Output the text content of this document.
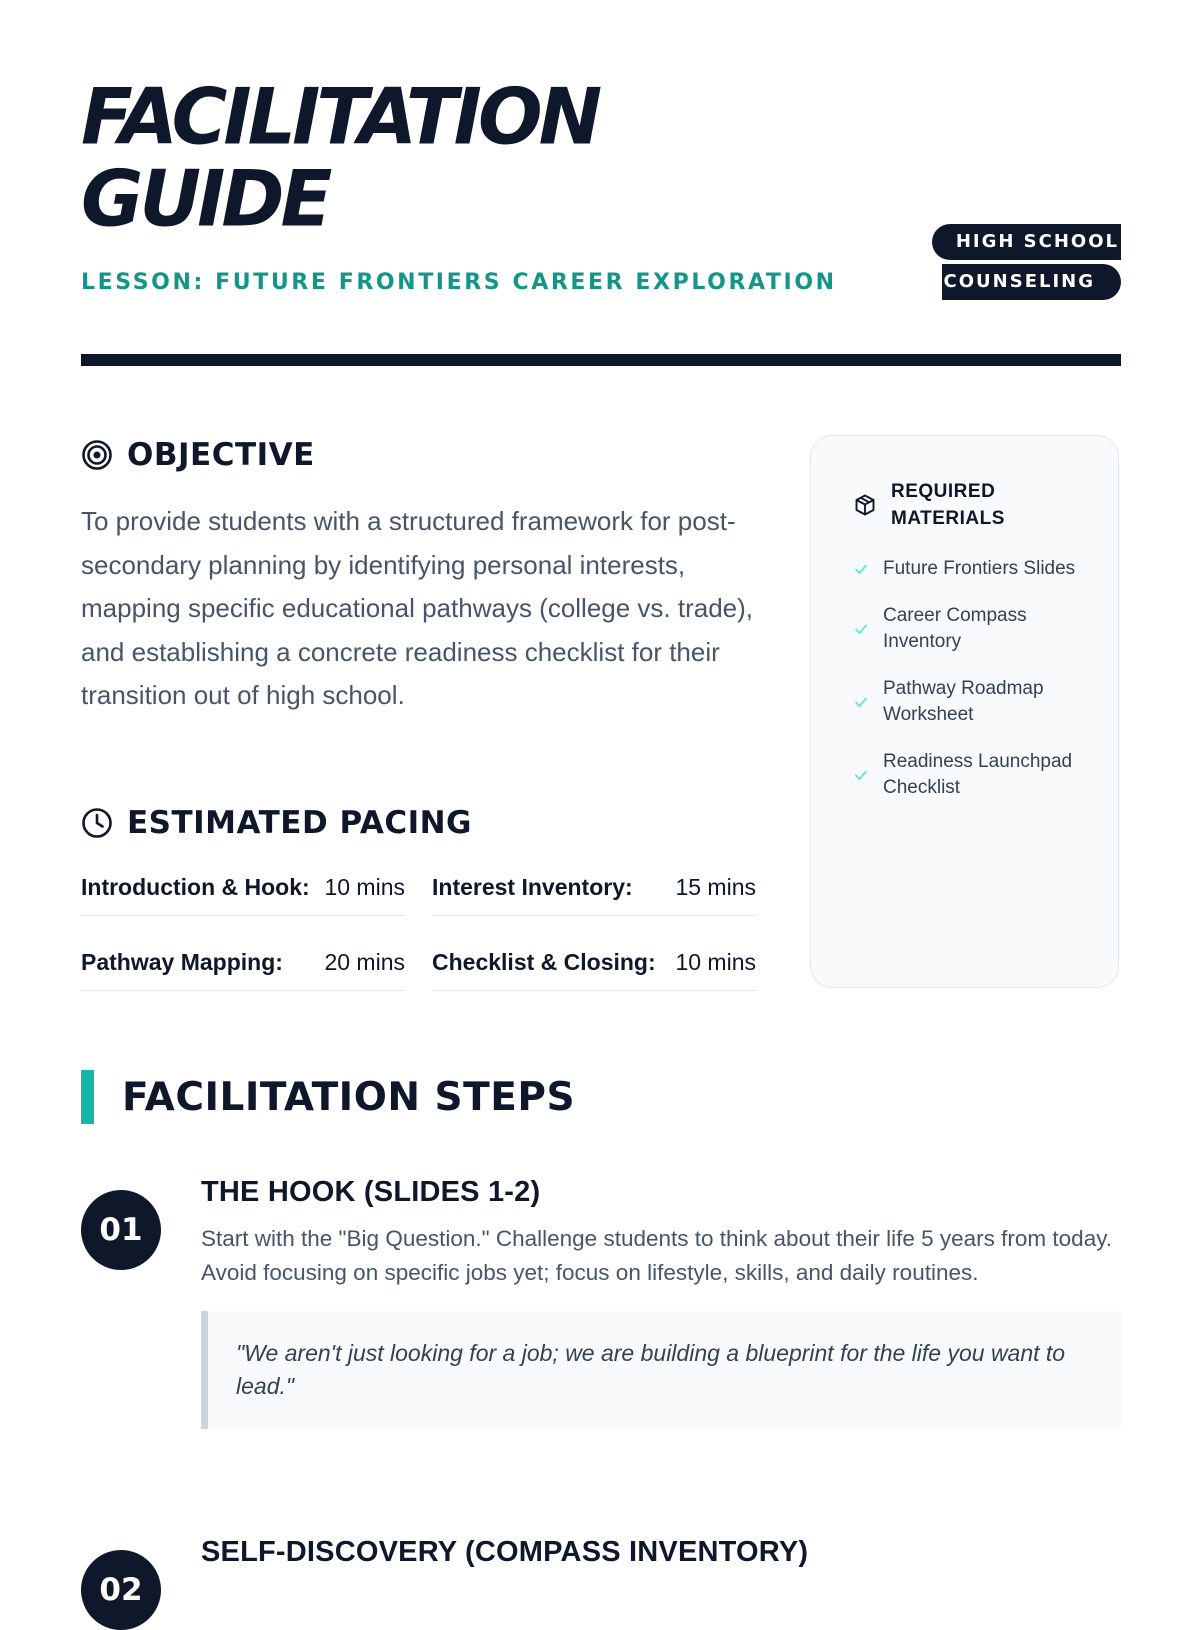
FACILITATION
GUIDE
LESSON: FUTURE FRONTIERS CAREER EXPLORATION
HIGH SCHOOL
COUNSELING
OBJECTIVE

To provide students with a structured framework for post-secondary planning by identifying personal interests, mapping specific educational pathways (college vs. trade), and establishing a concrete readiness checklist for their transition out of high school.

ESTIMATED PACING
Introduction & Hook: 10 mins Interest Inventory: 15 mins
Pathway Mapping: 20 mins Checklist & Closing: 10 mins
REQUIRED MATERIALS
Future Frontiers Slides
Career Compass Inventory
Pathway Roadmap Worksheet
Readiness Launchpad Checklist
FACILITATION STEPS
01
THE HOOK (SLIDES 1-2)

Start with the "Big Question." Challenge students to think about their life 5 years from today. Avoid focusing on specific jobs yet; focus on lifestyle, skills, and daily routines.

"We aren't just looking for a job; we are building a blueprint for the life you want to lead."
02
SELF-DISCOVERY (COMPASS INVENTORY)
